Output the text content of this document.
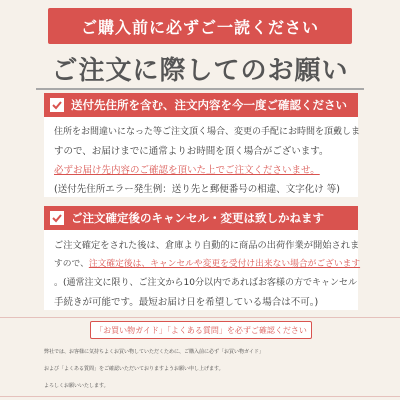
ご購入前に必ずご一読ください
ご注文に際してのお願い
送付先住所を含む、注文内容を今一度ご確認ください
住所をお間違いになった等ご注文頂く場合、変更の手配にお時間を頂戴しま
すので、お届けまでに通常よりお時間を頂く場合がございます。
必ずお届け先内容のご確認を頂いた上でご注文くださいませ。
(送付先住所エラー発生例：送り先と郵便番号の相違、文字化け 等)
ご注文確定後のキャンセル・変更は致しかねます
ご注文確定をされた後は、倉庫より自動的に商品の出荷作業が開始されま
すので、注文確定後は、キャンセルや変更を受付け出来ない場合がございます
。(通常注文に限り、ご注文から10分以内であればお客様の方でキャンセル
手続きが可能です。最短お届け日を希望している場合は不可。)
「お買い物ガイド」「よくある質問」を必ずご確認ください
弊社では、お客様に気持ちよくお買い物していただくために、ご購入前に必ず「お買い物ガイド」
および「よくある質問」をご確認いただいておりますようお願い申し上げます。
よろしくお願いいたします。
